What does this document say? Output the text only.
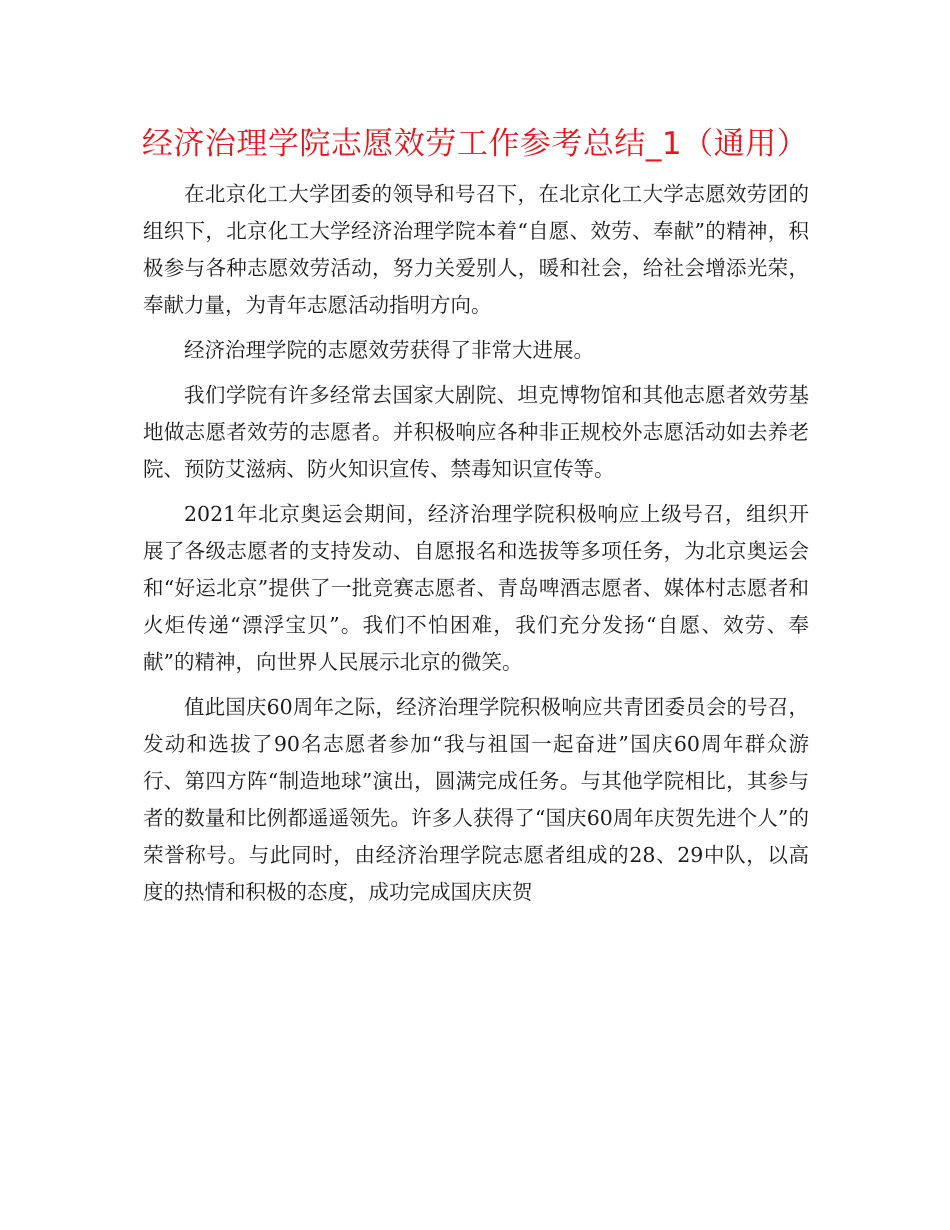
经济治理学院志愿效劳工作参考总结_1（通用）

在北京化工大学团委的领导和号召下，在北京化工大学志愿效劳团的组织下，北京化工大学经济治理学院本着“自愿、效劳、奉献”的精神，积极参与各种志愿效劳活动，努力关爱别人，暖和社会，给社会增添光荣，奉献力量，为青年志愿活动指明方向。

经济治理学院的志愿效劳获得了非常大进展。

我们学院有许多经常去国家大剧院、坦克博物馆和其他志愿者效劳基地做志愿者效劳的志愿者。并积极响应各种非正规校外志愿活动如去养老院、预防艾滋病、防火知识宣传、禁毒知识宣传等。

2021年北京奥运会期间，经济治理学院积极响应上级号召，组织开展了各级志愿者的支持发动、自愿报名和选拔等多项任务，为北京奥运会和“好运北京”提供了一批竞赛志愿者、青岛啤酒志愿者、媒体村志愿者和火炬传递“漂浮宝贝”。我们不怕困难，我们充分发扬“自愿、效劳、奉献”的精神，向世界人民展示北京的微笑。

值此国庆60周年之际，经济治理学院积极响应共青团委员会的号召，发动和选拔了90名志愿者参加“我与祖国一起奋进”国庆60周年群众游行、第四方阵“制造地球”演出，圆满完成任务。与其他学院相比，其参与者的数量和比例都遥遥领先。许多人获得了“国庆60周年庆贺先进个人”的荣誉称号。与此同时，由经济治理学院志愿者组成的28、29中队，以高度的热情和积极的态度，成功完成国庆庆贺
